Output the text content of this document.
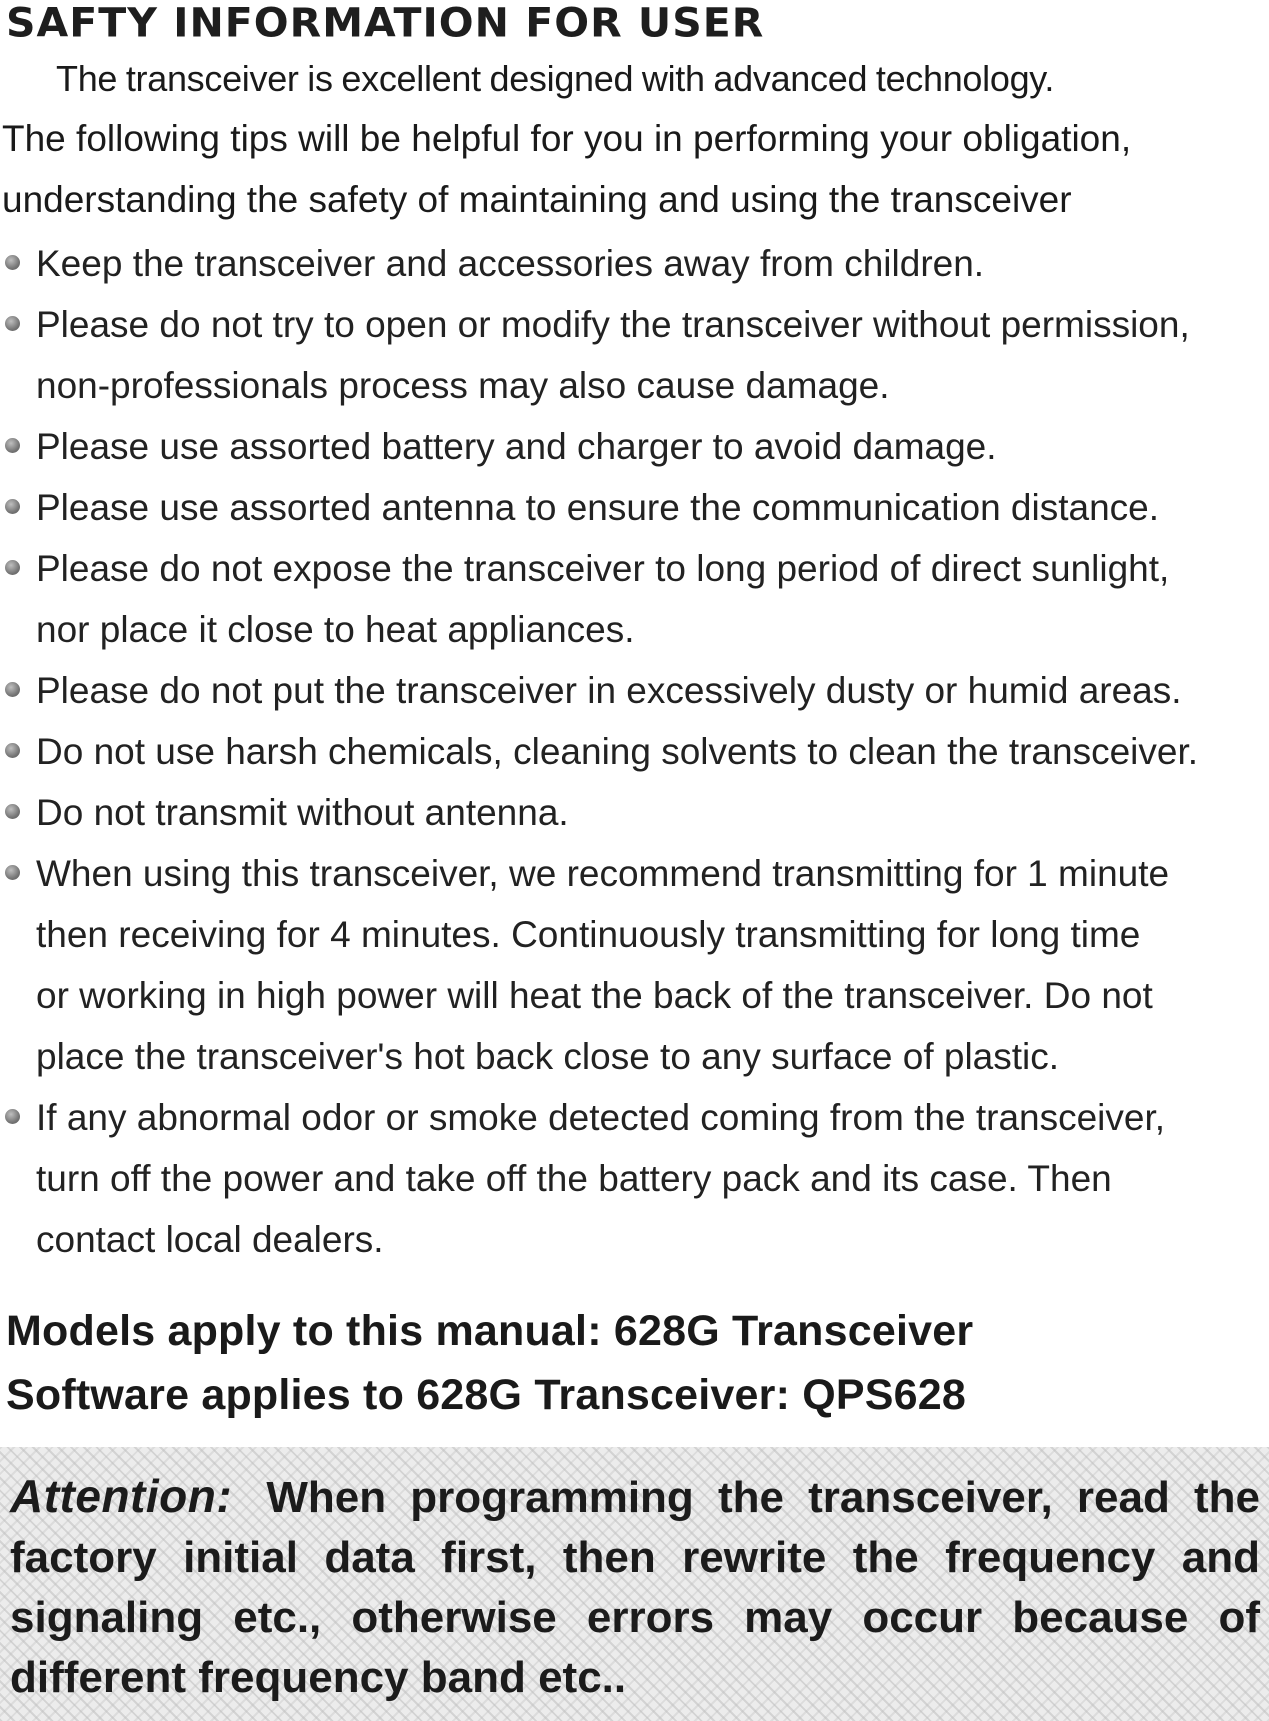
SAFTY INFORMATION FOR USER
The transceiver is excellent designed with advanced technology.
The following tips will be helpful for you in performing your obligation,
understanding the safety of maintaining and using the transceiver
Keep the transceiver and accessories away from children.
Please do not try to open or modify the transceiver without permission,
non-professionals process may also cause damage.
Please use assorted battery and charger to avoid damage.
Please use assorted antenna to ensure the communication distance.
Please do not expose the transceiver to long period of direct sunlight,
nor place it close to heat appliances.
Please do not put the transceiver in excessively dusty or humid areas.
Do not use harsh chemicals, cleaning solvents to clean the transceiver.
Do not transmit without antenna.
When using this transceiver, we recommend transmitting for 1 minute
then receiving for 4 minutes. Continuously transmitting for long time
or working in high power will heat the back of the transceiver. Do not
place the transceiver's hot back close to any surface of plastic.
If any abnormal odor or smoke detected coming from the transceiver,
turn off the power and take off the battery pack and its case. Then
contact local dealers.
Models apply to this manual: 628G Transceiver
Software applies to 628G Transceiver: QPS628
Attention: When programming the transceiver, read the
factory initial data first, then rewrite the frequency and
signaling etc., otherwise errors may occur because of
different frequency band etc..
